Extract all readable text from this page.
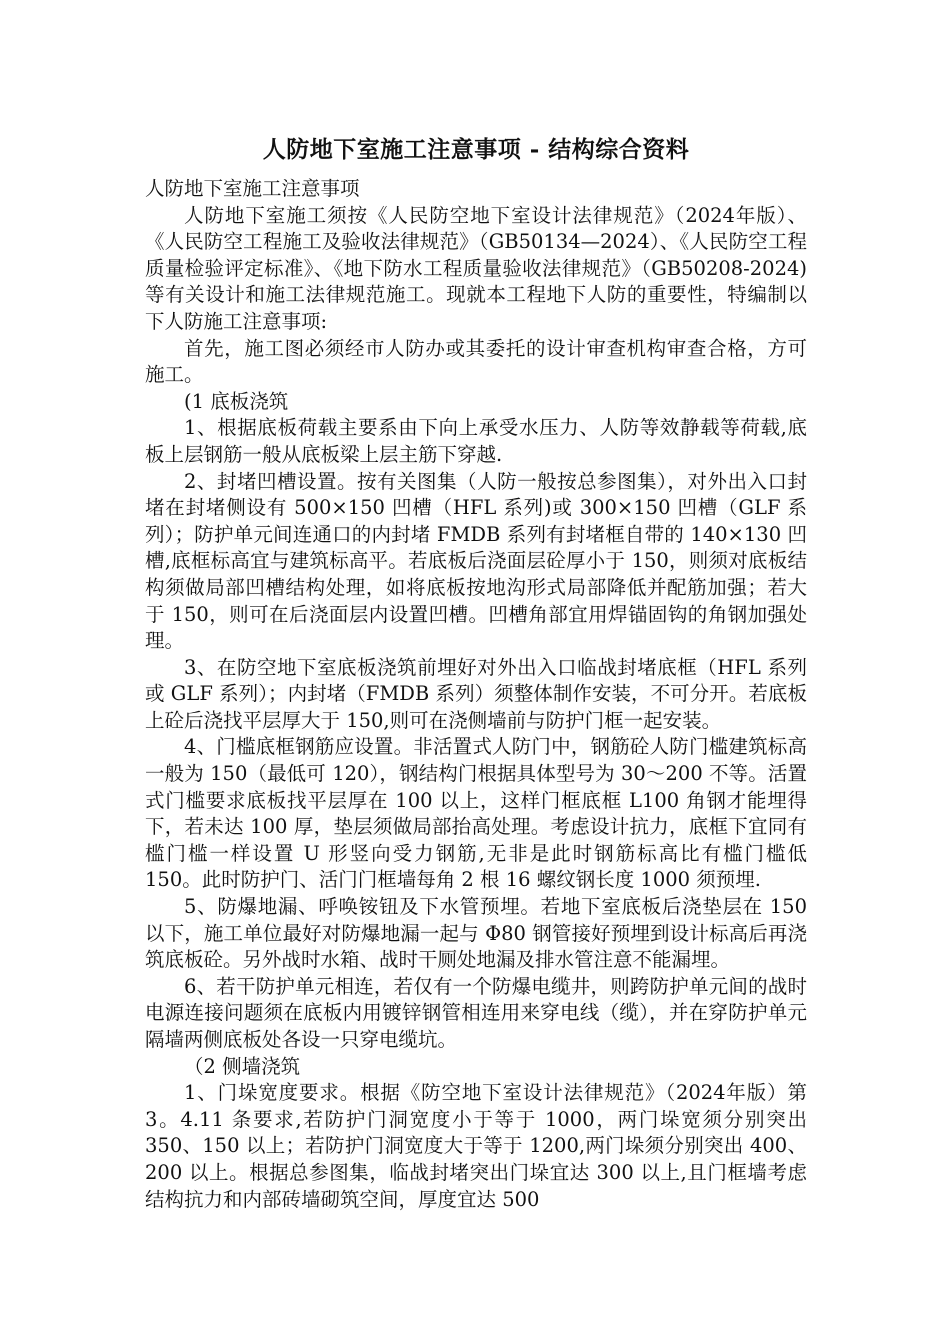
人防地下室施工注意事项 - 结构综合资料

人防地下室施工注意事项

人防地下室施工须按《人民防空地下室设计法律规范》（2024年版）、《人民防空工程施工及验收法律规范》（GB50134—2024）、《人民防空工程质量检验评定标准》、《地下防水工程质量验收法律规范》（GB50208-2024)等有关设计和施工法律规范施工。现就本工程地下人防的重要性，特编制以下人防施工注意事项:

首先，施工图必须经市人防办或其委托的设计审查机构审查合格，方可施工。

(1 底板浇筑

1、根据底板荷载主要系由下向上承受水压力、人防等效静载等荷载,底板上层钢筋一般从底板梁上层主筋下穿越.

2、封堵凹槽设置。按有关图集（人防一般按总参图集），对外出入口封堵在封堵侧设有 500×150 凹槽（HFL 系列)或 300×150 凹槽（GLF 系列）；防护单元间连通口的内封堵 FMDB 系列有封堵框自带的 140×130 凹槽,底框标高宜与建筑标高平。若底板后浇面层砼厚小于 150，则须对底板结构须做局部凹槽结构处理，如将底板按地沟形式局部降低并配筋加强；若大于 150，则可在后浇面层内设置凹槽。凹槽角部宜用焊锚固钩的角钢加强处理。

3、在防空地下室底板浇筑前埋好对外出入口临战封堵底框（HFL 系列或 GLF 系列）；内封堵（FMDB 系列）须整体制作安装，不可分开。若底板上砼后浇找平层厚大于 150,则可在浇侧墙前与防护门框一起安装。

4、门槛底框钢筋应设置。非活置式人防门中，钢筋砼人防门槛建筑标高一般为 150（最低可 120），钢结构门根据具体型号为 30～200 不等。活置式门槛要求底板找平层厚在 100 以上，这样门框底框 L100 角钢才能埋得下，若未达 100 厚，垫层须做局部抬高处理。考虑设计抗力，底框下宜同有槛门槛一样设置 U 形竖向受力钢筋,无非是此时钢筋标高比有槛门槛低 150。此时防护门、活门门框墙每角 2 根 16 螺纹钢长度 1000 须预埋.

5、防爆地漏、呼唤铵钮及下水管预埋。若地下室底板后浇垫层在 150 以下，施工单位最好对防爆地漏一起与 Φ80 钢管接好预埋到设计标高后再浇筑底板砼。另外战时水箱、战时干厕处地漏及排水管注意不能漏埋。

6、若干防护单元相连，若仅有一个防爆电缆井，则跨防护单元间的战时电源连接问题须在底板内用镀锌钢管相连用来穿电线（缆），并在穿防护单元隔墙两侧底板处各设一只穿电缆坑。

（2 侧墙浇筑

1、门垛宽度要求。根据《防空地下室设计法律规范》（2024年版）第 3。4.11 条要求,若防护门洞宽度小于等于 1000，两门垛宽须分别突出 350、150 以上；若防护门洞宽度大于等于 1200,两门垛须分别突出 400、200 以上。根据总参图集，临战封堵突出门垛宜达 300 以上,且门框墙考虑结构抗力和内部砖墙砌筑空间，厚度宜达 500
